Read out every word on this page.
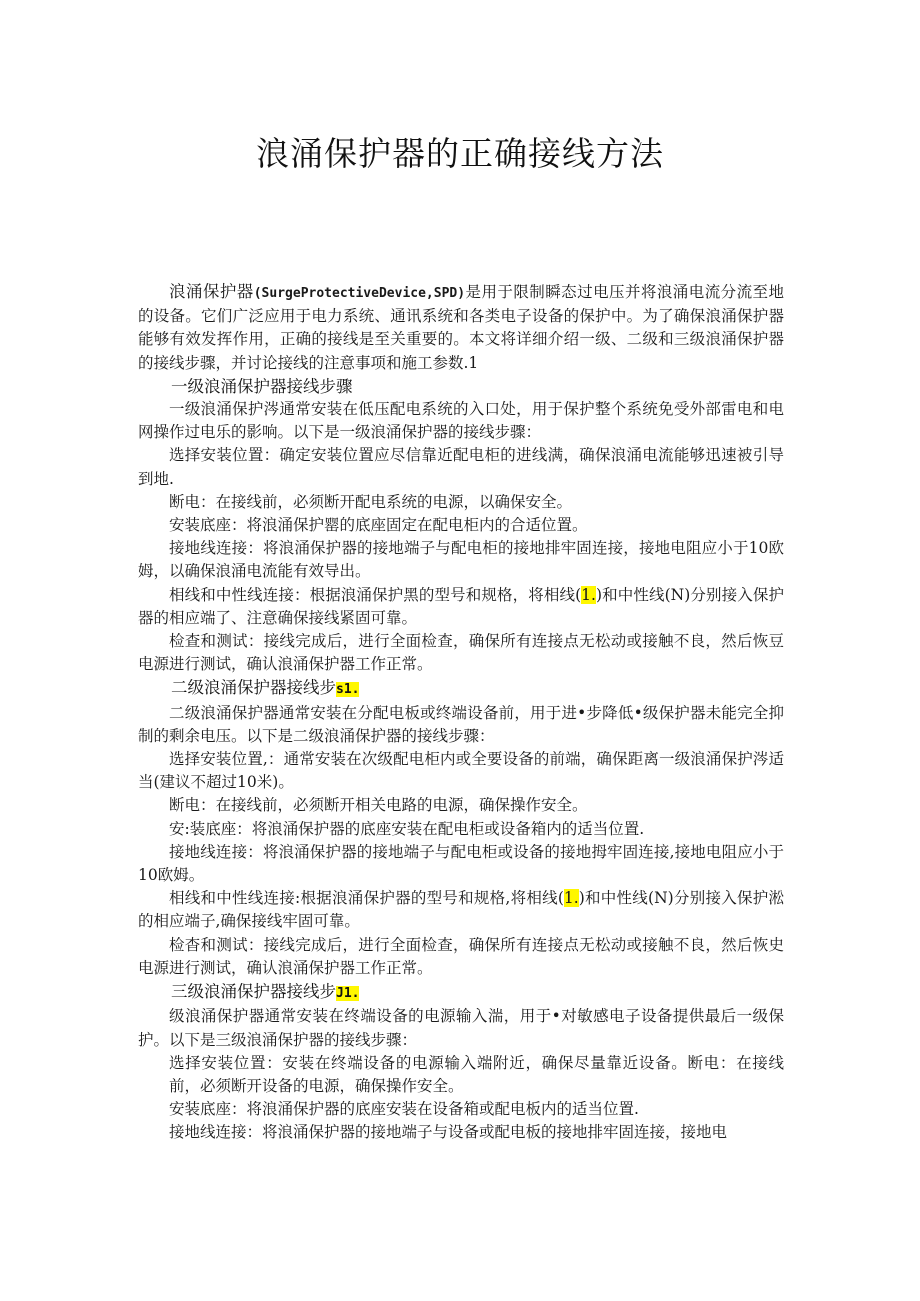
浪涌保护器的正确接线方法

浪涌保护器(SurgeProtectiveDevice,SPD)是用于限制瞬态过电压并将浪涌电流分流至地的设备。它们广泛应用于电力系统、通讯系统和各类电子设备的保护中。为了确保浪涌保护器能够有效发挥作用，正确的接线是至关重要的。本文将详细介绍一级、二级和三级浪涌保护器的接线步骤，并讨论接线的注意事项和施工参数.1

一级浪涌保护器接线步骤

一级浪涌保护涔通常安装在低压配电系统的入口处，用于保护整个系统免受外部雷电和电网操作过电乐的影响。以下是一级浪涌保护器的接线步骤：

选择安装位置：确定安装位置应尽信靠近配电柜的进线满，确保浪涌电流能够迅速被引导到地.

断电：在接线前，必须断开配电系统的电源，以确保安全。

安装底座：将浪涌保护罂的底座固定在配电柜内的合适位置。

接地线连接：将浪涌保护器的接地端子与配电柜的接地排牢固连接，接地电阻应小于10欧姆，以确保浪涌电流能有效导出。

相线和中性线连接：根据浪涌保护黑的型号和规格，将相线(1.)和中性线(N)分别接入保护器的相应端了、注意确保接线紧固可靠。

检查和测试：接线完成后，进行全面检查，确保所有连接点无松动或接触不良，然后恢豆电源进行测试，确认浪涌保护器工作正常。

二级浪涌保护器接线步s1.

二级浪涌保护器通常安装在分配电板或终端设备前，用于进•步降低•级保护器未能完全抑制的剩余电压。以下是二级浪涌保护器的接线步骤：

选择安装位置,：通常安装在次级配电柜内或全要设备的前端，确保距离一级浪涌保护涔适当(建议不超过10米)。

断电：在接线前，必须断开相关电路的电源，确保操作安全。

安:装底座：将浪涌保护器的底座安装在配电柜或设备箱内的适当位置.

接地线连接：将浪涌保护器的接地端子与配电柜或设备的接地拇牢固连接,接地电阻应小于10欧姆。

相线和中性线连接:根据浪涌保护器的型号和规格,将相线(1.)和中性线(N)分别接入保护淞的相应端子,确保接线牢固可靠。

检杳和测试：接线完成后，进行全面检查，确保所有连接点无松动或接触不良，然后恢史电源进行测试，确认浪涌保护器工作正常。

三级浪涌保护器接线步J1.

级浪涌保护器通常安装在终端设备的电源输入湍，用于•对敏感电子设备提供最后一级保护。以下是三级浪涌保护器的接线步骤：

选择安装位置：安装在终端设备的电源输入端附近，确保尽量靠近设备。断电：在接线前，必须断开设备的电源，确保操作安全。

安装底座：将浪涌保护器的底座安装在设备箱或配电板内的适当位置.

接地线连接：将浪涌保护器的接地端子与设备或配电板的接地排牢固连接，接地电
